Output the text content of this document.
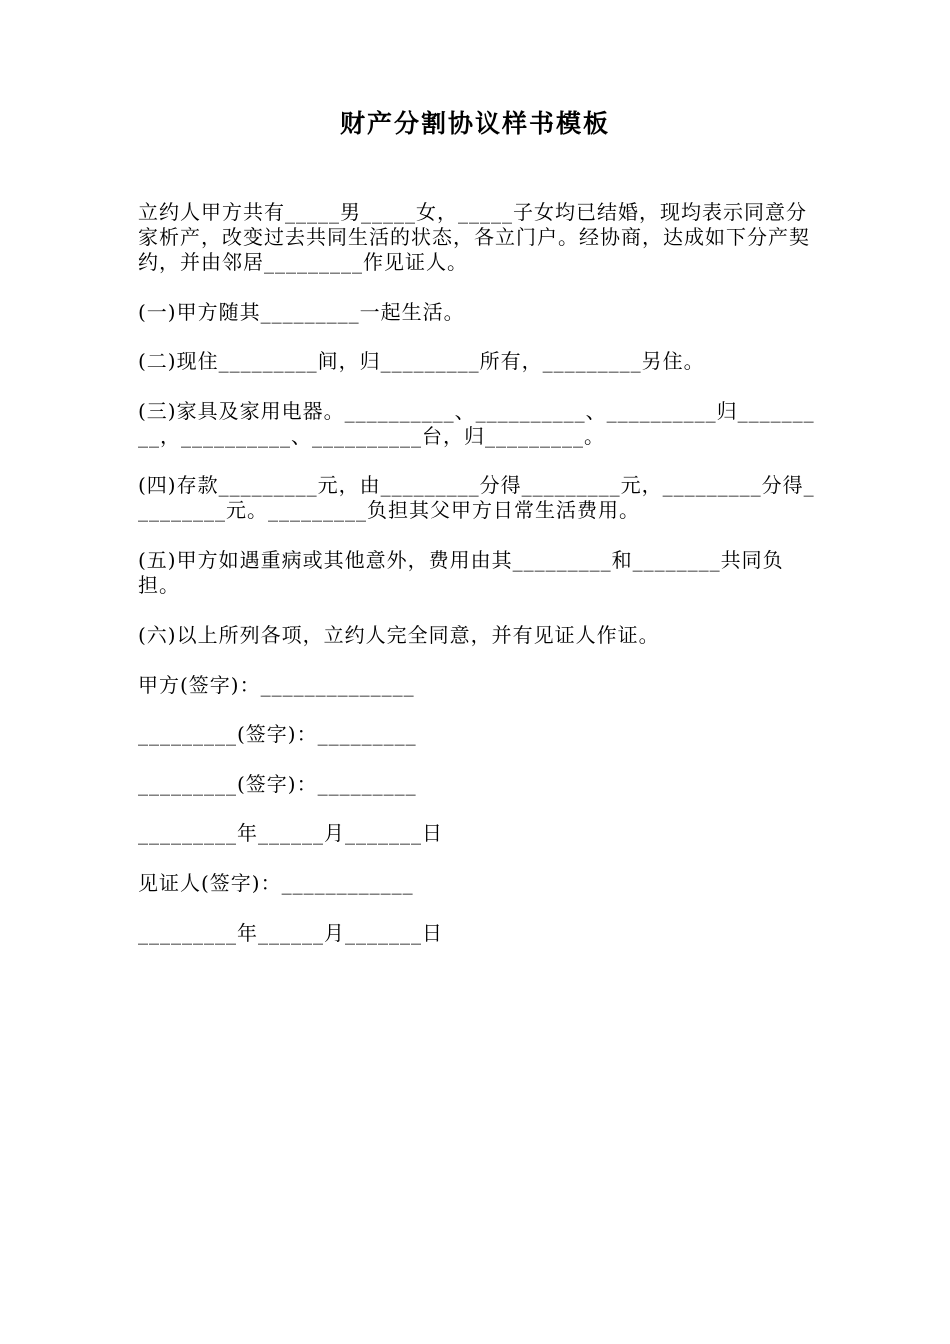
财产分割协议样书模板
立约人甲方共有_____男_____女，_____子女均已结婚，现均表示同意分家析产，改变过去共同生活的状态，各立门户。经协商，达成如下分产契约，并由邻居_________作见证人。
(一)甲方随其_________一起生活。
(二)现住_________间，归_________所有，_________另住。
(三)家具及家用电器。__________、__________、__________归_________，__________、__________台，归_________。
(四)存款_________元，由_________分得_________元，_________分得_________元。_________负担其父甲方日常生活费用。
(五)甲方如遇重病或其他意外，费用由其_________和________共同负担。
(六)以上所列各项，立约人完全同意，并有见证人作证。
甲方(签字)：______________
_________(签字)：_________
_________(签字)：_________
_________年______月_______日
见证人(签字)：____________
_________年______月_______日
